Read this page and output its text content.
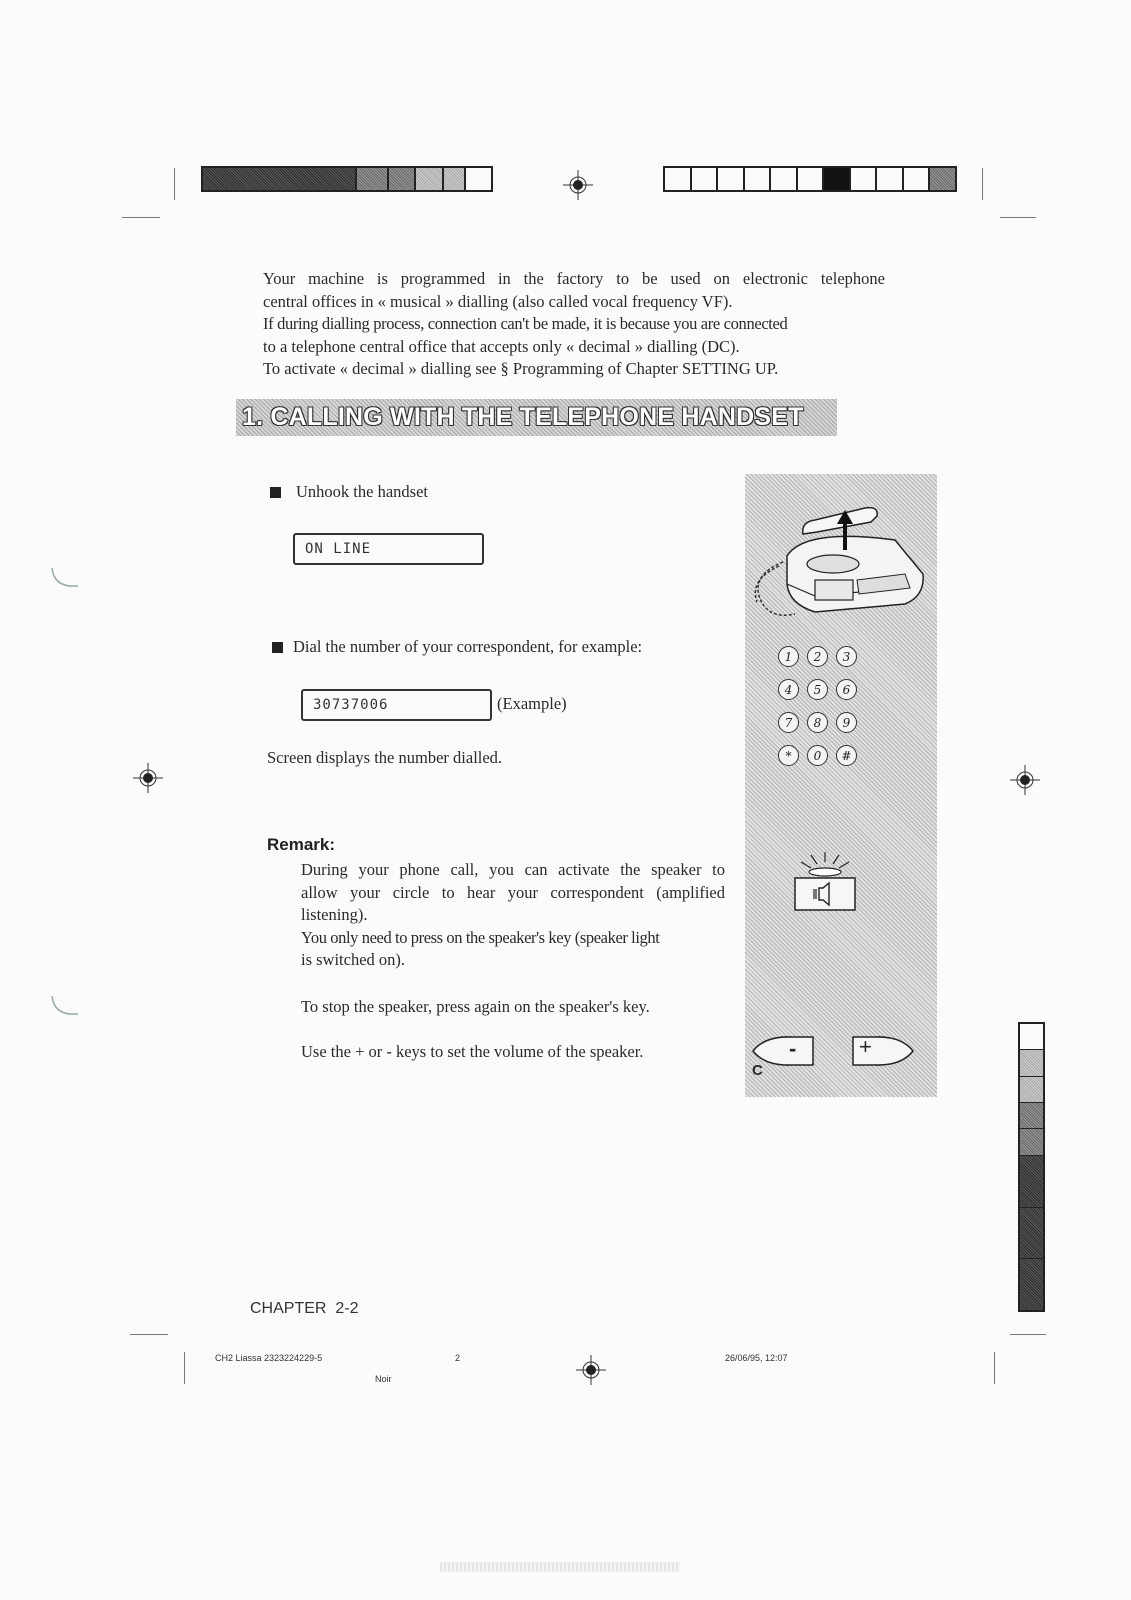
Your machine is programmed in the factory to be used on electronic telephone
central offices in « musical » dialling (also called vocal frequency VF).
If during dialling process, connection can't be made, it is because you are connected
to a telephone central office that accepts only « decimal » dialling (DC).
To activate « decimal » dialling see § Programming of Chapter SETTING UP.
1. CALLING WITH THE TELEPHONE HANDSET
Unhook the handset
ON LINE
Dial the number of your correspondent, for example:
30737006	(Example)
Screen displays the number dialled.
Remark:
During your phone call, you can activate the speaker to
allow your circle to hear your correspondent (amplified
listening).
You only need to press on the speaker's key (speaker light
is switched on).
To stop the speaker, press again on the speaker's key.
Use the + or - keys to set the volume of the speaker.
1	2	3
4	5	6
7	8	9
*	0	#
-	+
C
CHAPTER  2-2
CH2 Liassa 2323224229-5	2
Noir
26/06/95, 12:07
